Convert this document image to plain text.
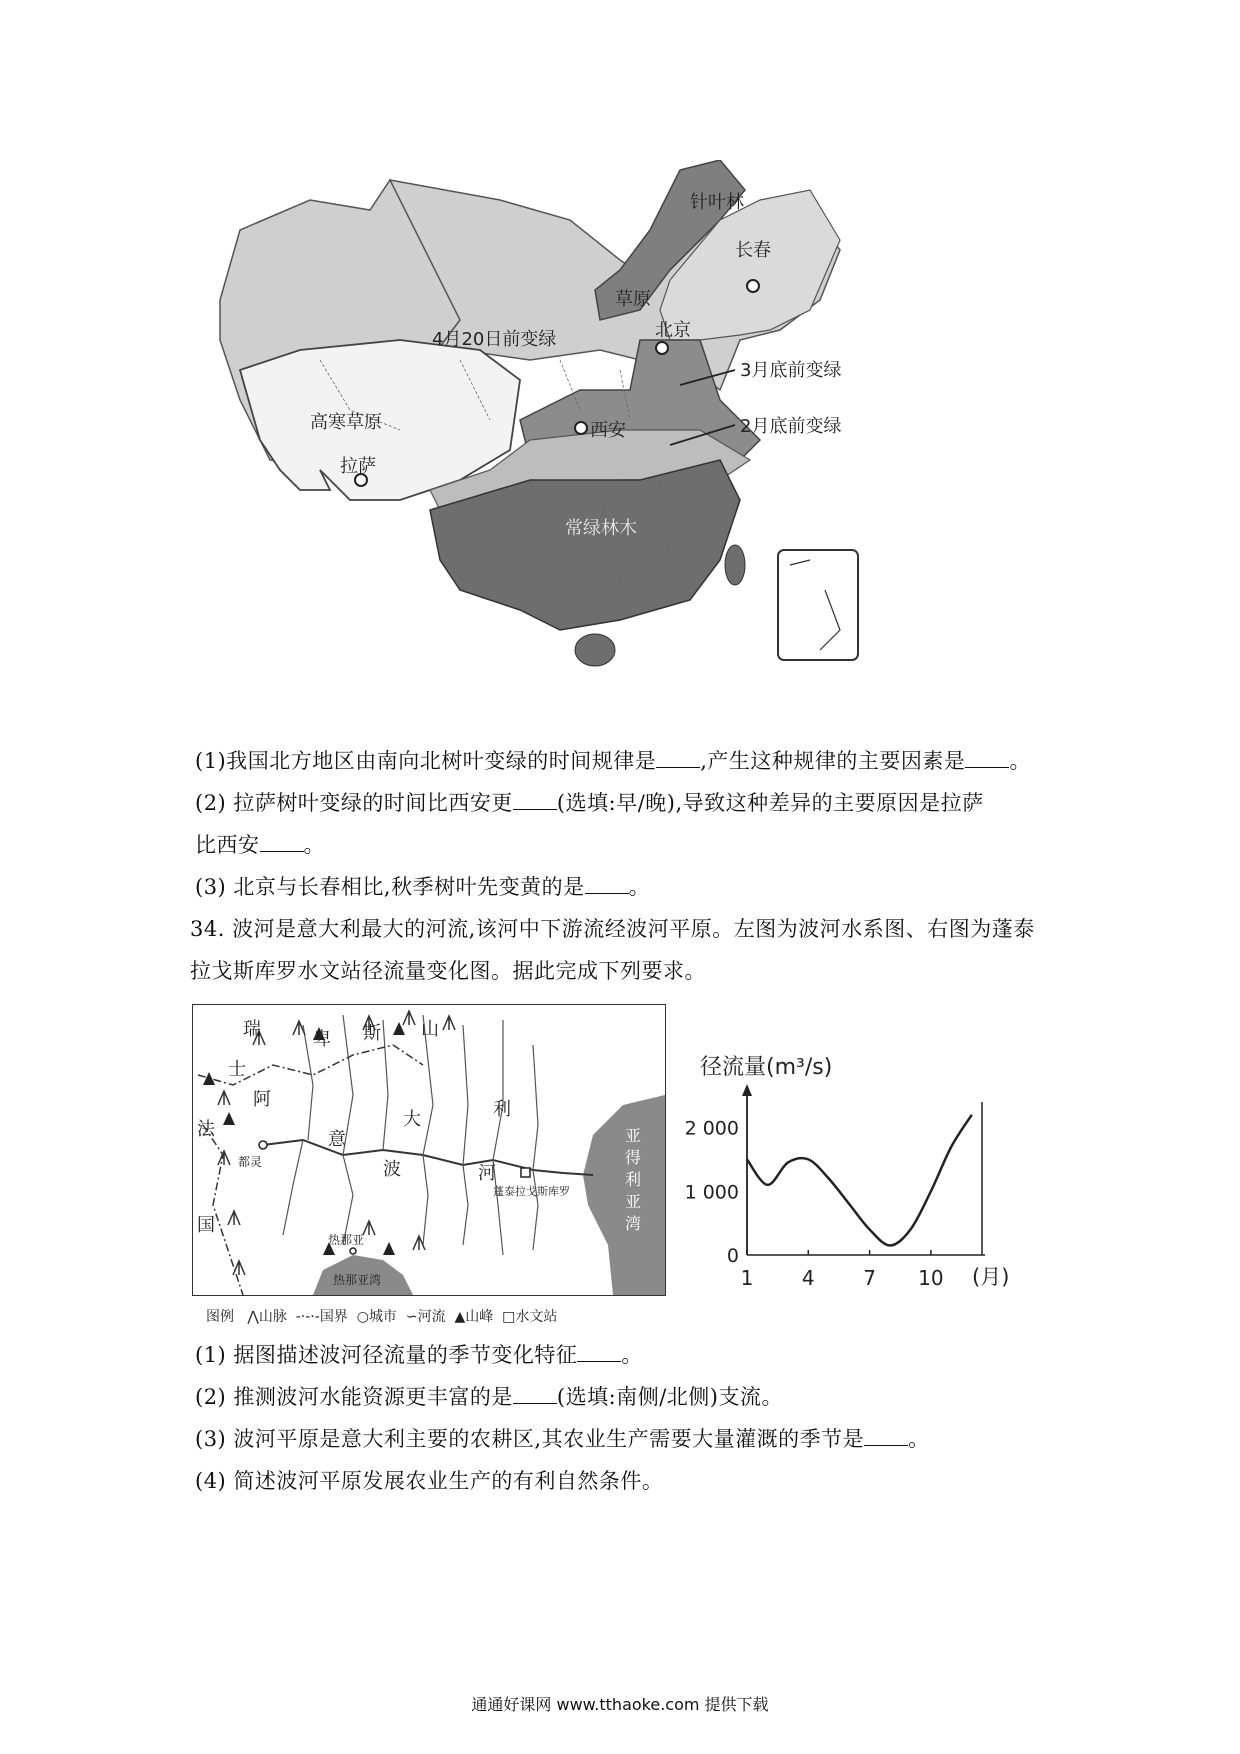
针叶林
草原
长春
北京
4月20日前变绿
3月底前变绿
2月底前变绿
高寒草原	西安
拉萨
常绿林木
(1)我国北方地区由南向北树叶变绿的时间规律是 ,产生这种规律的主要因素是 。
(2) 拉萨树叶变绿的时间比西安更 (选填:早/晚),导致这种差异的主要原因是拉萨
比西安 。
(3) 北京与长春相比,秋季树叶先变黄的是 。
34. 波河是意大利最大的河流,该河中下游流经波河平原。左图为波河水系图、右图为蓬泰
拉戈斯库罗水文站径流量变化图。据此完成下列要求。
瑞
士
阿
法
国
卑 斯 山
意
大	利
波	河
都灵
热那亚
热那亚湾
蓬泰拉戈斯库罗
亚得利亚湾
图例 ⋀山脉 -·-·-国界 ○城市 ∽河流 ▲山峰 □水文站
径流量(m³/s)
0
1 000
2 000
1 4 7 10 (月)
(1) 据图描述波河径流量的季节变化特征 。
(2) 推测波河水能资源更丰富的是 (选填:南侧/北侧)支流。
(3) 波河平原是意大利主要的农耕区,其农业生产需要大量灌溉的季节是 。
(4) 简述波河平原发展农业生产的有利自然条件。
通通好课网 www.tthaoke.com 提供下载
